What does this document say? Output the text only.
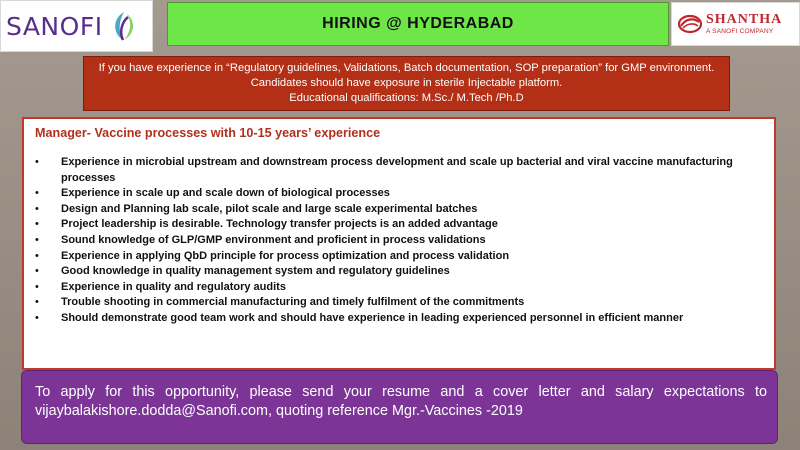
SANOFI	HIRING @ HYDERABAD	SHANTHA
A SANOFI COMPANY
If you have experience in “Regulatory guidelines, Validations, Batch documentation, SOP preparation” for GMP environment.
Candidates should have exposure in sterile Injectable platform.
Educational qualifications: M.Sc./ M.Tech /Ph.D
Manager- Vaccine processes with 10-15 years’ experience
• Experience in microbial upstream and downstream process development and scale up bacterial and viral vaccine manufacturing processes
• Experience in scale up and scale down of biological processes
• Design and Planning lab scale, pilot scale and large scale experimental batches
• Project leadership is desirable. Technology transfer projects is an added advantage
• Sound knowledge of GLP/GMP environment and proficient in process validations
• Experience in applying QbD principle for process optimization and process validation
• Good knowledge in quality management system and regulatory guidelines
• Experience in quality and regulatory audits
• Trouble shooting in commercial manufacturing and timely fulfilment of the commitments
• Should demonstrate good team work and should have experience in leading experienced personnel in efficient manner

To apply for this opportunity, please send your resume and a cover letter and salary expectations to vijaybalakishore.dodda@Sanofi.com, quoting reference Mgr.-Vaccines -2019
